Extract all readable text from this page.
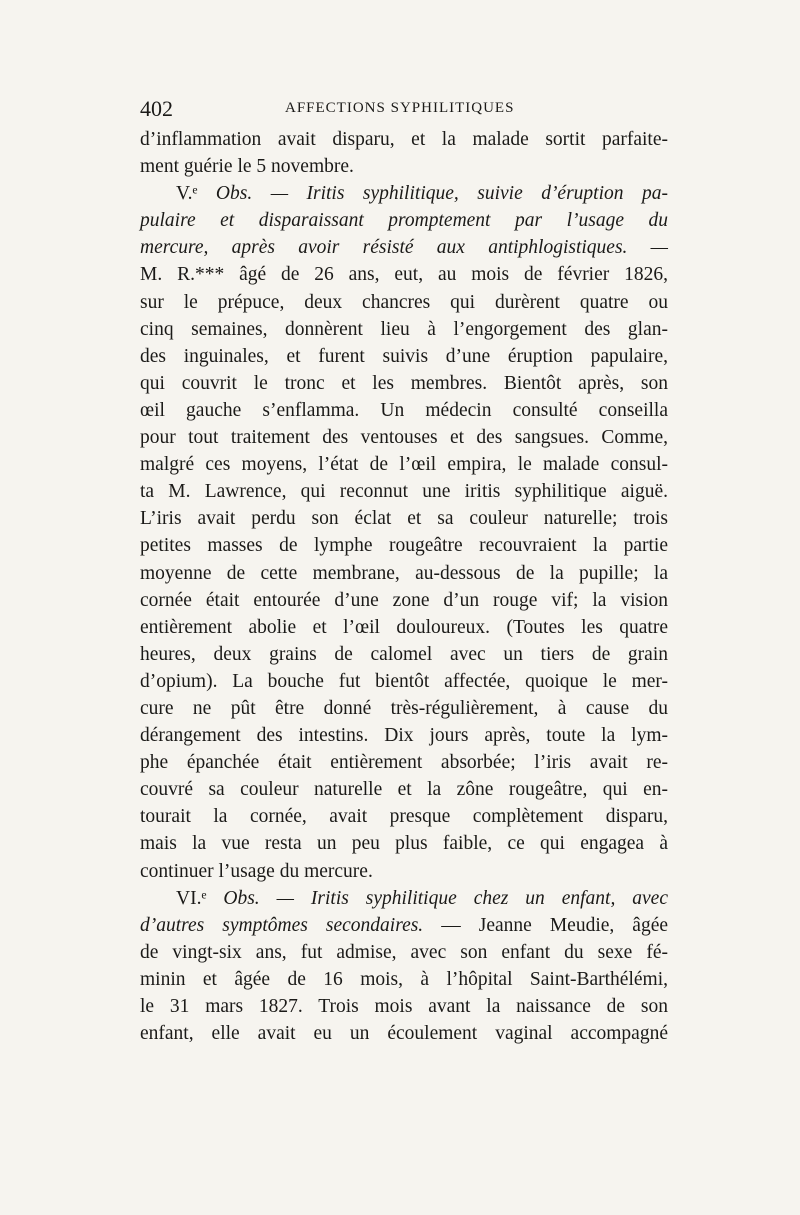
402	AFFECTIONS SYPHILITIQUES
d’inflammation avait disparu, et la malade sortit parfaite-
ment guérie le 5 novembre.
V.ᵉ Obs. — Iritis syphilitique, suivie d’éruption pa-
pulaire et disparaissant promptement par l’usage du
mercure, après avoir résisté aux antiphlogistiques. —
M. R.*** âgé de 26 ans, eut, au mois de février 1826,
sur le prépuce, deux chancres qui durèrent quatre ou
cinq semaines, donnèrent lieu à l’engorgement des glan-
des inguinales, et furent suivis d’une éruption papulaire,
qui couvrit le tronc et les membres. Bientôt après, son
œil gauche s’enflamma. Un médecin consulté conseilla
pour tout traitement des ventouses et des sangsues. Comme,
malgré ces moyens, l’état de l’œil empira, le malade consul-
ta M. Lawrence, qui reconnut une iritis syphilitique aiguë.
L’iris avait perdu son éclat et sa couleur naturelle; trois
petites masses de lymphe rougeâtre recouvraient la partie
moyenne de cette membrane, au-dessous de la pupille; la
cornée était entourée d’une zone d’un rouge vif; la vision
entièrement abolie et l’œil douloureux. (Toutes les quatre
heures, deux grains de calomel avec un tiers de grain
d’opium). La bouche fut bientôt affectée, quoique le mer-
cure ne pût être donné très-régulièrement, à cause du
dérangement des intestins. Dix jours après, toute la lym-
phe épanchée était entièrement absorbée; l’iris avait re-
couvré sa couleur naturelle et la zône rougeâtre, qui en-
tourait la cornée, avait presque complètement disparu,
mais la vue resta un peu plus faible, ce qui engagea à
continuer l’usage du mercure.
VI.ᵉ Obs. — Iritis syphilitique chez un enfant, avec
d’autres symptômes secondaires. — Jeanne Meudie, âgée
de vingt-six ans, fut admise, avec son enfant du sexe fé-
minin et âgée de 16 mois, à l’hôpital Saint-Barthélémi,
le 31 mars 1827. Trois mois avant la naissance de son
enfant, elle avait eu un écoulement vaginal accompagné
